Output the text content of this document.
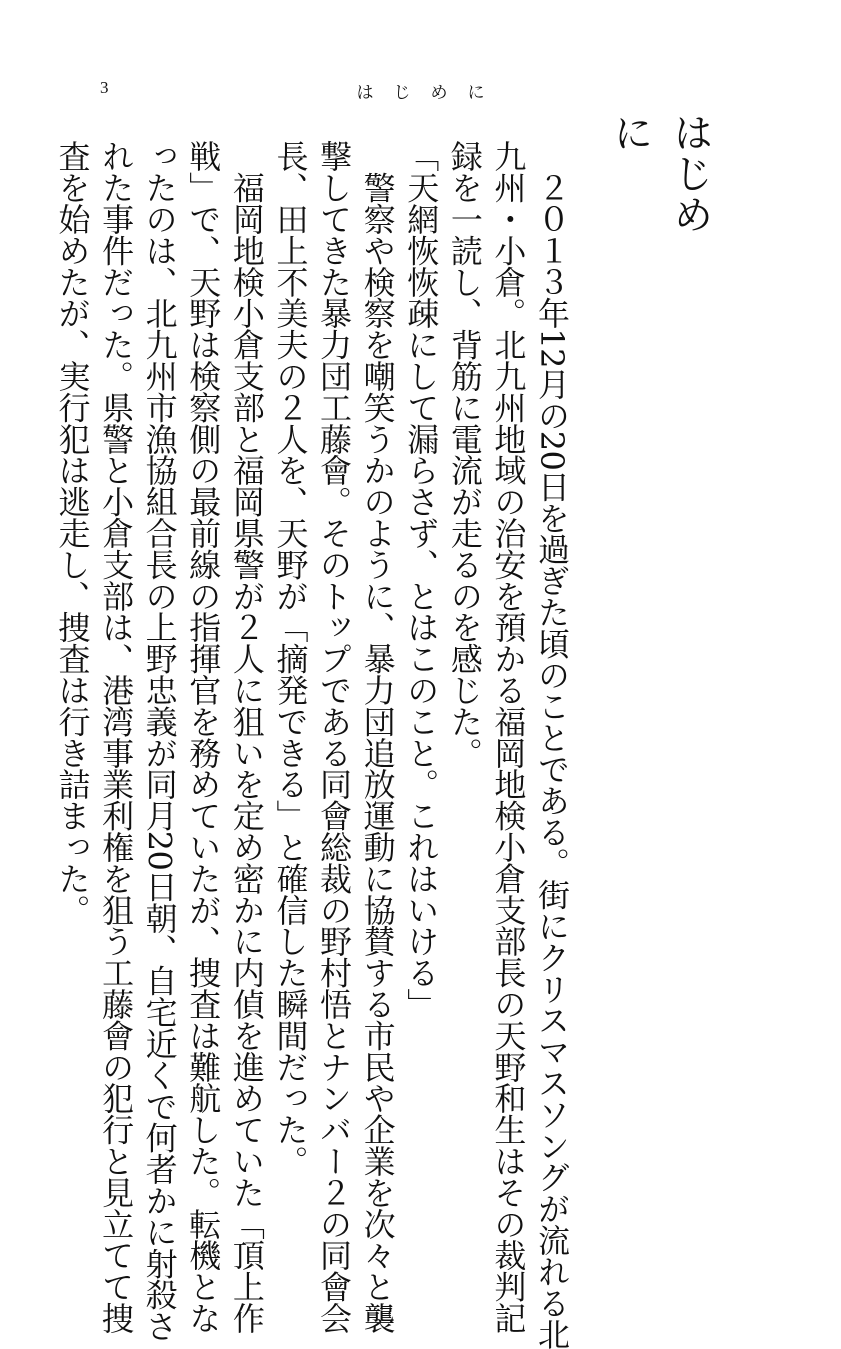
3	はじめに
はじめに

　２０１３年12月の20日を過ぎた頃のことである。街にクリスマスソングが流れる北

九州・小倉。北九州地域の治安を預かる福岡地検小倉支部長の天野和生はその裁判記

録を一読し、背筋に電流が走るのを感じた。

「天網恢恢疎にして漏らさず、とはこのこと。これはいける」

　警察や検察を嘲笑うかのように、暴力団追放運動に協賛する市民や企業を次々と襲

撃してきた暴力団工藤會。そのトップである同會総裁の野村悟とナンバー２の同會会

長、田上不美夫の２人を、天野が「摘発できる」と確信した瞬間だった。

　福岡地検小倉支部と福岡県警が２人に狙いを定め密かに内偵を進めていた「頂上作

戦」で、天野は検察側の最前線の指揮官を務めていたが、捜査は難航した。転機とな

ったのは、北九州市漁協組合長の上野忠義が同月20日朝、自宅近くで何者かに射殺さ

れた事件だった。県警と小倉支部は、港湾事業利権を狙う工藤會の犯行と見立てて捜

査を始めたが、実行犯は逃走し、捜査は行き詰まった。
